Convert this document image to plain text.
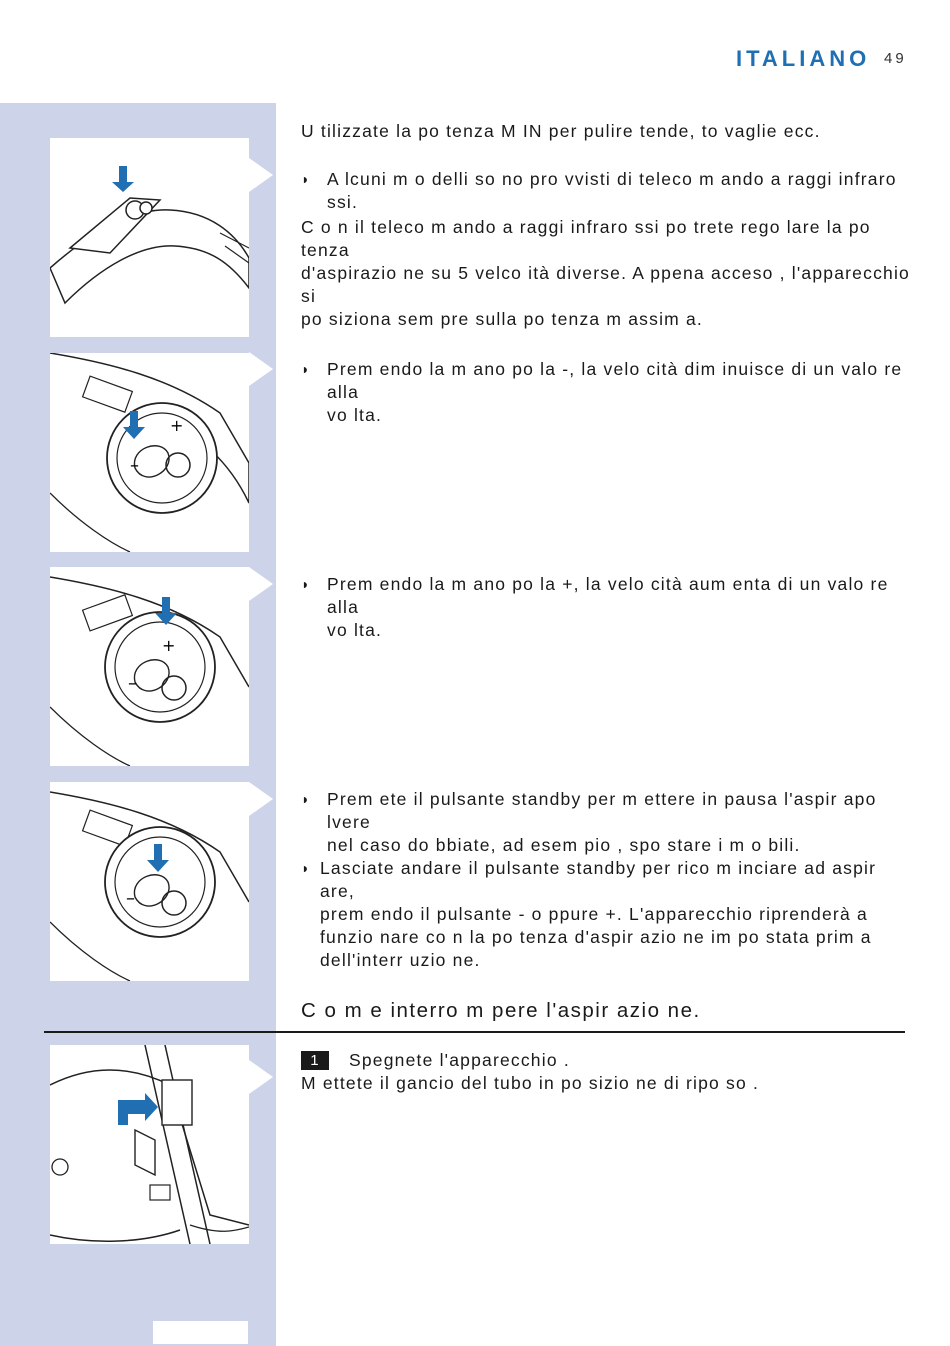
ITALIANO 49
–
+
–
+
–
U tilizzate la po tenza M IN per pulire tende, to vaglie ecc.
◗ A lcuni m o delli so no pro vvisti di teleco m ando a raggi infraro ssi.
C o n il teleco m ando a raggi infraro ssi po trete rego lare la po tenza
d'aspirazio ne su 5 velco ità diverse. A ppena acceso , l'apparecchio si
po siziona sem pre sulla po tenza m assim a.
◗ Prem endo la m ano po la -, la velo cità dim inuisce di un valo re alla
vo lta.
◗ Prem endo la m ano po la +, la velo cità aum enta di un valo re alla
vo lta.
◗ Prem ete il pulsante standby per m ettere in pausa l'aspir apo lvere
nel caso do bbiate, ad esem pio , spo stare i m o bili.
◗ Lasciate andare il pulsante standby per rico m inciare ad aspir are,
prem endo il pulsante - o ppure +. L'apparecchio riprenderà a
funzio nare co n la po tenza d'aspir azio ne im po stata prim a
dell'interr uzio ne.
C o m e interro m pere l'aspir azio ne.
1 Spegnete l'apparecchio .
M ettete il gancio del tubo in po sizio ne di ripo so .
